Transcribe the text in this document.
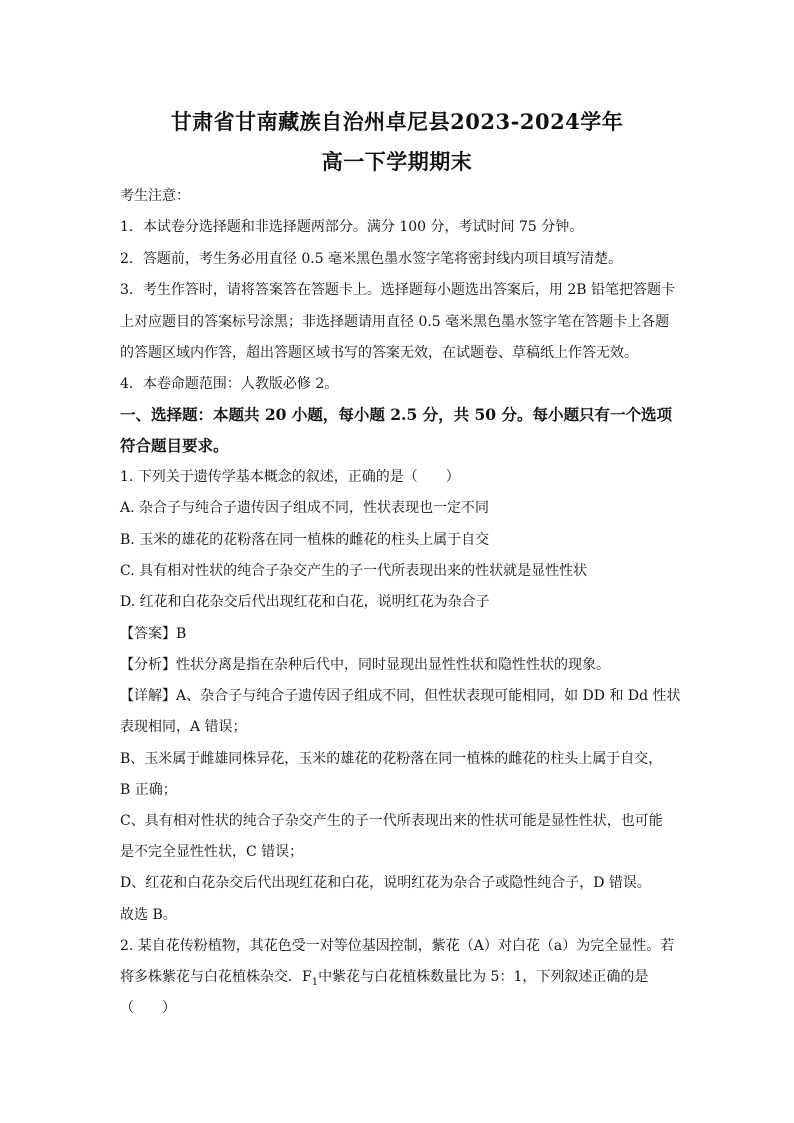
甘肃省甘南藏族自治州卓尼县2023-2024学年
高一下学期期末
考生注意：
1．本试卷分选择题和非选择题两部分。满分 100 分，考试时间 75 分钟。
2．答题前，考生务必用直径 0.5 毫米黑色墨水签字笔将密封线内项目填写清楚。
3．考生作答时，请将答案答在答题卡上。选择题每小题选出答案后，用 2B 铅笔把答题卡
上对应题目的答案标号涂黑；非选择题请用直径 0.5 毫米黑色墨水签字笔在答题卡上各题
的答题区域内作答，超出答题区域书写的答案无效，在试题卷、草稿纸上作答无效。
4．本卷命题范围：人教版必修 2。
一、选择题：本题共 20 小题，每小题 2.5 分，共 50 分。每小题只有一个选项
符合题目要求。
1. 下列关于遗传学基本概念的叙述，正确的是（　　）
A. 杂合子与纯合子遗传因子组成不同，性状表现也一定不同
B. 玉米的雄花的花粉落在同一植株的雌花的柱头上属于自交
C. 具有相对性状的纯合子杂交产生的子一代所表现出来的性状就是显性性状
D. 红花和白花杂交后代出现红花和白花，说明红花为杂合子
【答案】B
【分析】性状分离是指在杂种后代中，同时显现出显性性状和隐性性状的现象。
【详解】A、杂合子与纯合子遗传因子组成不同，但性状表现可能相同，如 DD 和 Dd 性状
表现相同，A 错误；
B、玉米属于雌雄同株异花，玉米的雄花的花粉落在同一植株的雌花的柱头上属于自交，
B 正确；
C、具有相对性状的纯合子杂交产生的子一代所表现出来的性状可能是显性性状，也可能
是不完全显性性状，C 错误；
D、红花和白花杂交后代出现红花和白花，说明红花为杂合子或隐性纯合子，D 错误。
故选 B。
2. 某自花传粉植物，其花色受一对等位基因控制，紫花（A）对白花（a）为完全显性。若
将多株紫花与白花植株杂交．$F_1$中紫花与白花植株数量比为 5：1，下列叙述正确的是
（　　）
